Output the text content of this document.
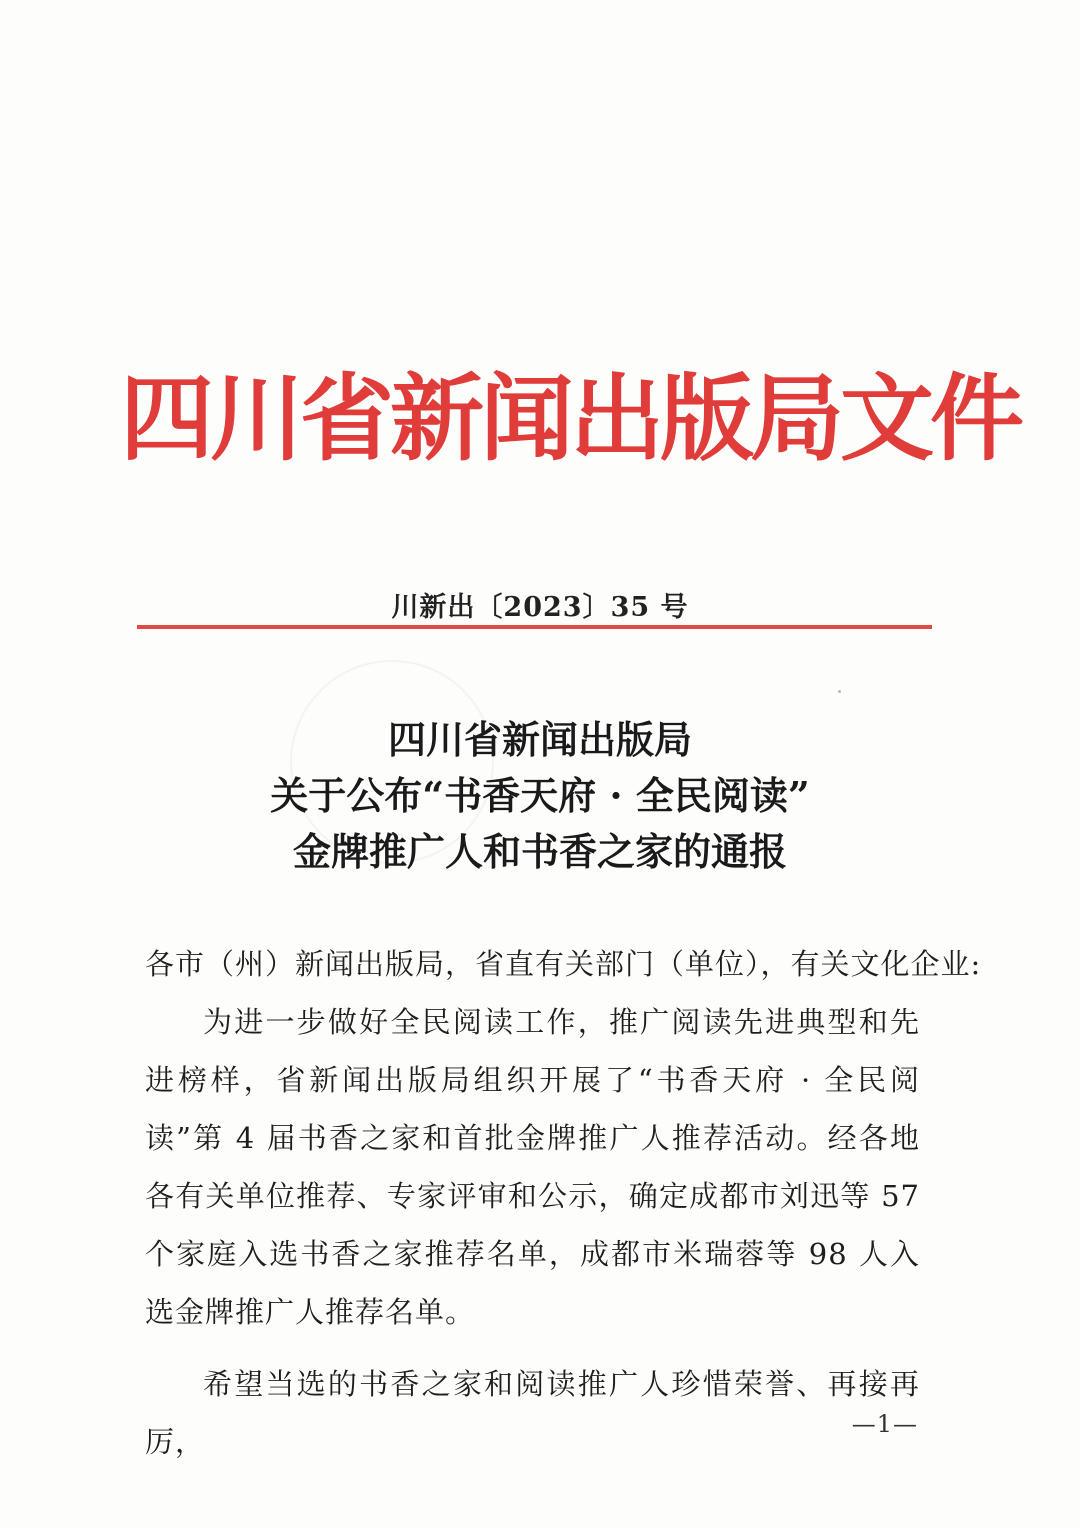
四川省新闻出版局文件
川新出〔2023〕35 号
四川省新闻出版局
关于公布“书香天府 · 全民阅读”
金牌推广人和书香之家的通报
各市（州）新闻出版局，省直有关部门（单位），有关文化企业:

为进一步做好全民阅读工作，推广阅读先进典型和先进榜样，省新闻出版局组织开展了“书香天府 · 全民阅读”第 4 届书香之家和首批金牌推广人推荐活动。经各地各有关单位推荐、专家评审和公示，确定成都市刘迅等 57 个家庭入选书香之家推荐名单，成都市米瑞蓉等 98 人入选金牌推广人推荐名单。

希望当选的书香之家和阅读推广人珍惜荣誉、再接再厉，

—1—
